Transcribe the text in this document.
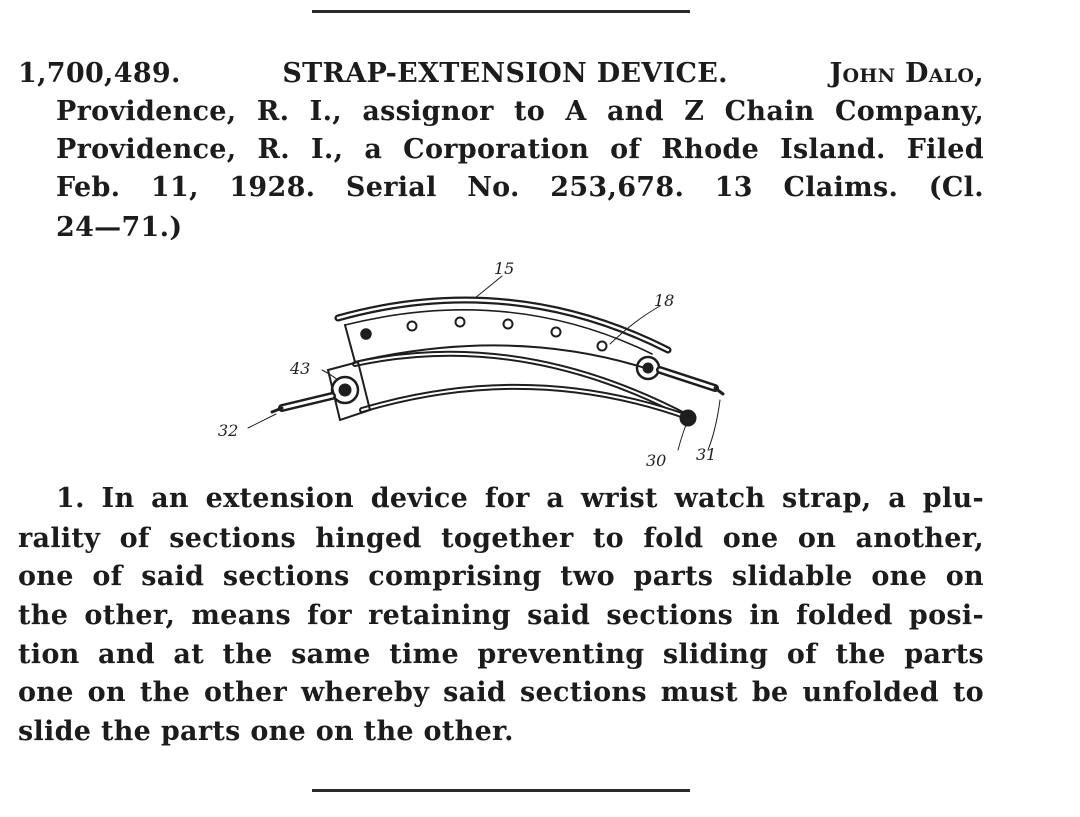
1,700,489.	STRAP-EXTENSION DEVICE.	John Dalo,

Providence, R. I., assignor to A and Z Chain Company,

Providence, R. I., a Corporation of Rhode Island. Filed

Feb. 11, 1928. Serial No. 253,678. 13 Claims. (Cl.

24—71.)

15
18
43
32
30 31

1. In an extension device for a wrist watch strap, a plu-

rality of sections hinged together to fold one on another,

one of said sections comprising two parts slidable one on

the other, means for retaining said sections in folded posi-

tion and at the same time preventing sliding of the parts

one on the other whereby said sections must be unfolded to

slide the parts one on the other.
